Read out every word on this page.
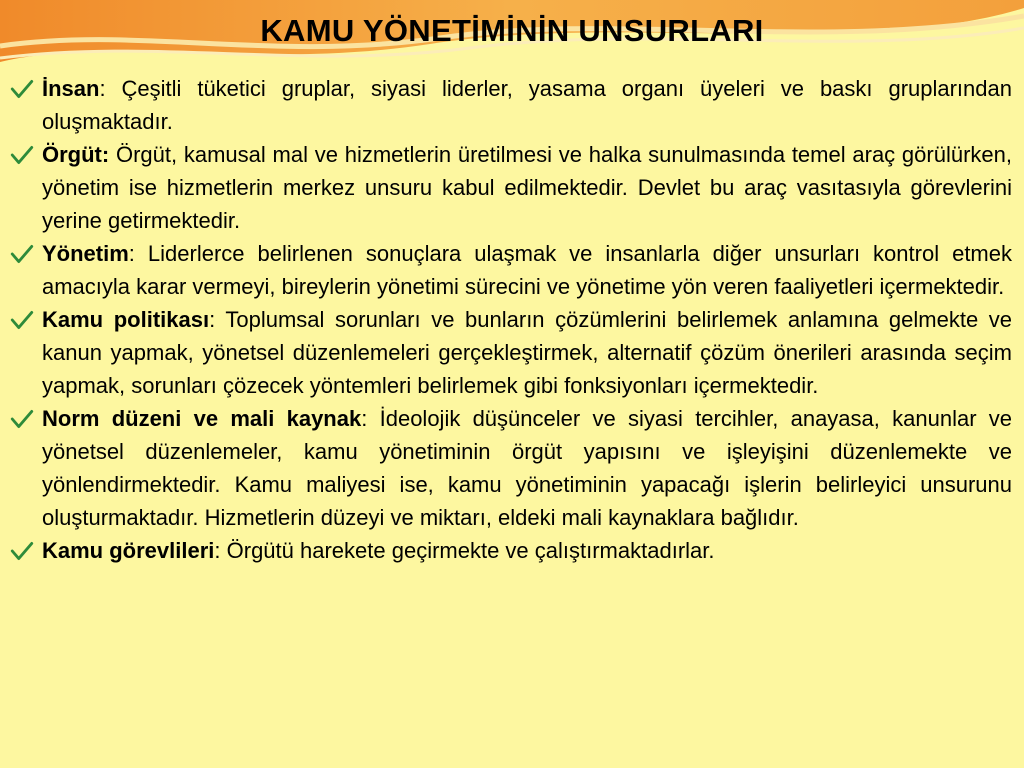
KAMU YÖNETİMİNİN UNSURLARI
İnsan: Çeşitli tüketici gruplar, siyasi liderler, yasama organı üyeleri ve baskı gruplarından oluşmaktadır.
Örgüt: Örgüt, kamusal mal ve hizmetlerin üretilmesi ve halka sunulmasında temel araç görülürken, yönetim ise hizmetlerin merkez unsuru kabul edilmektedir. Devlet bu araç vasıtasıyla görevlerini yerine getirmektedir.
Yönetim: Liderlerce belirlenen sonuçlara ulaşmak ve insanlarla diğer unsurları kontrol etmek amacıyla karar vermeyi, bireylerin yönetimi sürecini ve yönetime yön veren faaliyetleri içermektedir.
Kamu politikası: Toplumsal sorunları ve bunların çözümlerini belirlemek anlamına gelmekte ve kanun yapmak, yönetsel düzenlemeleri gerçekleştirmek, alternatif çözüm önerileri arasında seçim yapmak, sorunları çözecek yöntemleri belirlemek gibi fonksiyonları içermektedir.
Norm düzeni ve mali kaynak: İdeolojik düşünceler ve siyasi tercihler, anayasa, kanunlar ve yönetsel düzenlemeler, kamu yönetiminin örgüt yapısını ve işleyişini düzenlemekte ve yönlendirmektedir. Kamu maliyesi ise, kamu yönetiminin yapacağı işlerin belirleyici unsurunu oluşturmaktadır. Hizmetlerin düzeyi ve miktarı, eldeki mali kaynaklara bağlıdır.
Kamu görevlileri: Örgütü harekete geçirmekte ve çalıştırmaktadırlar.
